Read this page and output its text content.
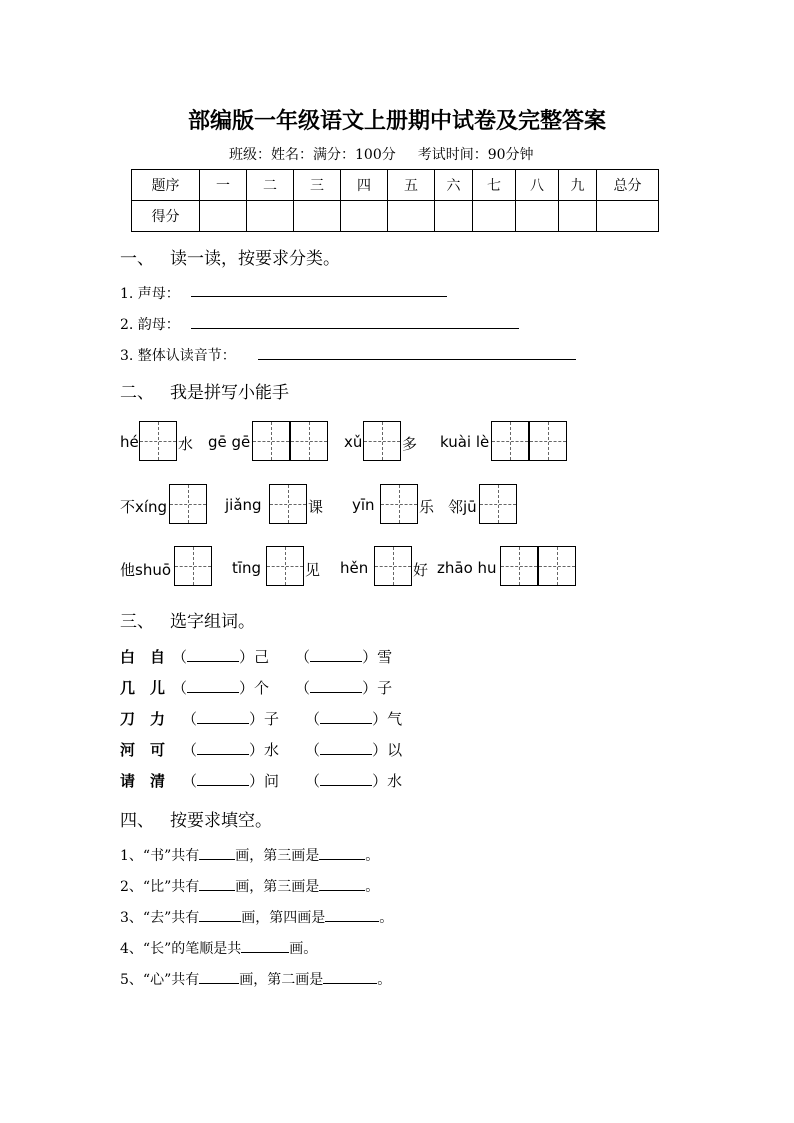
部编版一年级语文上册期中试卷及完整答案
班级：姓名：满分：100分 考试时间：90分钟
题序	一	二	三	四	五	六	七	八	九	总分
得分										
一、 读一读，按要求分类。
1. 声母：
2. 韵母：
3. 整体认读音节：
二、 我是拼写小能手
hé	水 gē gē	xǔ	多 kuài lè
不xíng	jiǎng	课 yīn	乐 邻jū
他shuō	tīng	见 hěn	好 zhāo hu
三、 选字组词。
白　自 （	）己 （	）雪
几　儿 （	）个 （	）子
刀　力 （	）子 （	）气
河　可 （	）水 （	）以
请　清 （	）问 （	）水
四、 按要求填空。
1、“书”共有	画，第三画是	。
2、“比”共有	画，第三画是	。
3、“去”共有	画，第四画是	。
4、“长”的笔顺是共	画。
5、“心”共有	画，第二画是	。
